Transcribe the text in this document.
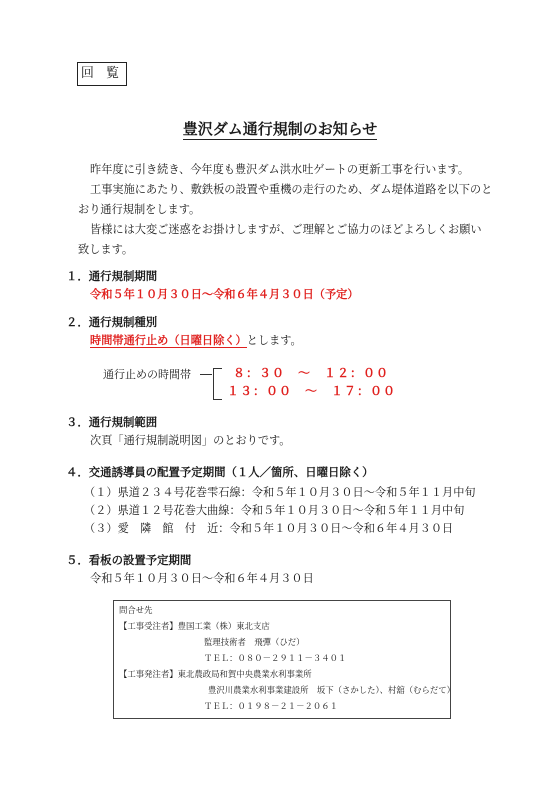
回 覧
豊沢ダム通行規制のお知らせ
昨年度に引き続き、今年度も豊沢ダム洪水吐ゲートの更新工事を行います。
工事実施にあたり、敷鉄板の設置や重機の走行のため、ダム堤体道路を以下のと
おり通行規制をします。
皆様には大変ご迷惑をお掛けしますが、ご理解とご協力のほどよろしくお願い
致します。
１．通行規制期間
令和５年１０月３０日～令和６年４月３０日（予定）
２．通行規制種別
時間帯通行止め（日曜日除く）とします。
通行止めの時間帯	８：３０　～　１２：００
１３：００　～　１７：００
３．通行規制範囲
次頁「通行規制説明図」のとおりです。
４．交通誘導員の配置予定期間（１人／箇所、日曜日除く）
（１）県道２３４号花巻雫石線：令和５年１０月３０日～令和５年１１月中旬
（２）県道１２号花巻大曲線：令和５年１０月３０日～令和５年１１月中旬
（３）愛　隣　館　付　近：令和５年１０月３０日～令和６年４月３０日
５．看板の設置予定期間
令和５年１０月３０日～令和６年４月３０日
問合せ先
【工事受注者】豊国工業（株）東北支店
監理技術者　飛彈（ひだ）
ＴＥＬ：０８０－２９１１－３４０１
【工事発注者】東北農政局和賀中央農業水利事業所
豊沢川農業水利事業建設所　坂下（さかした）、村舘（むらだて）
ＴＥＬ：０１９８－２１－２０６１
